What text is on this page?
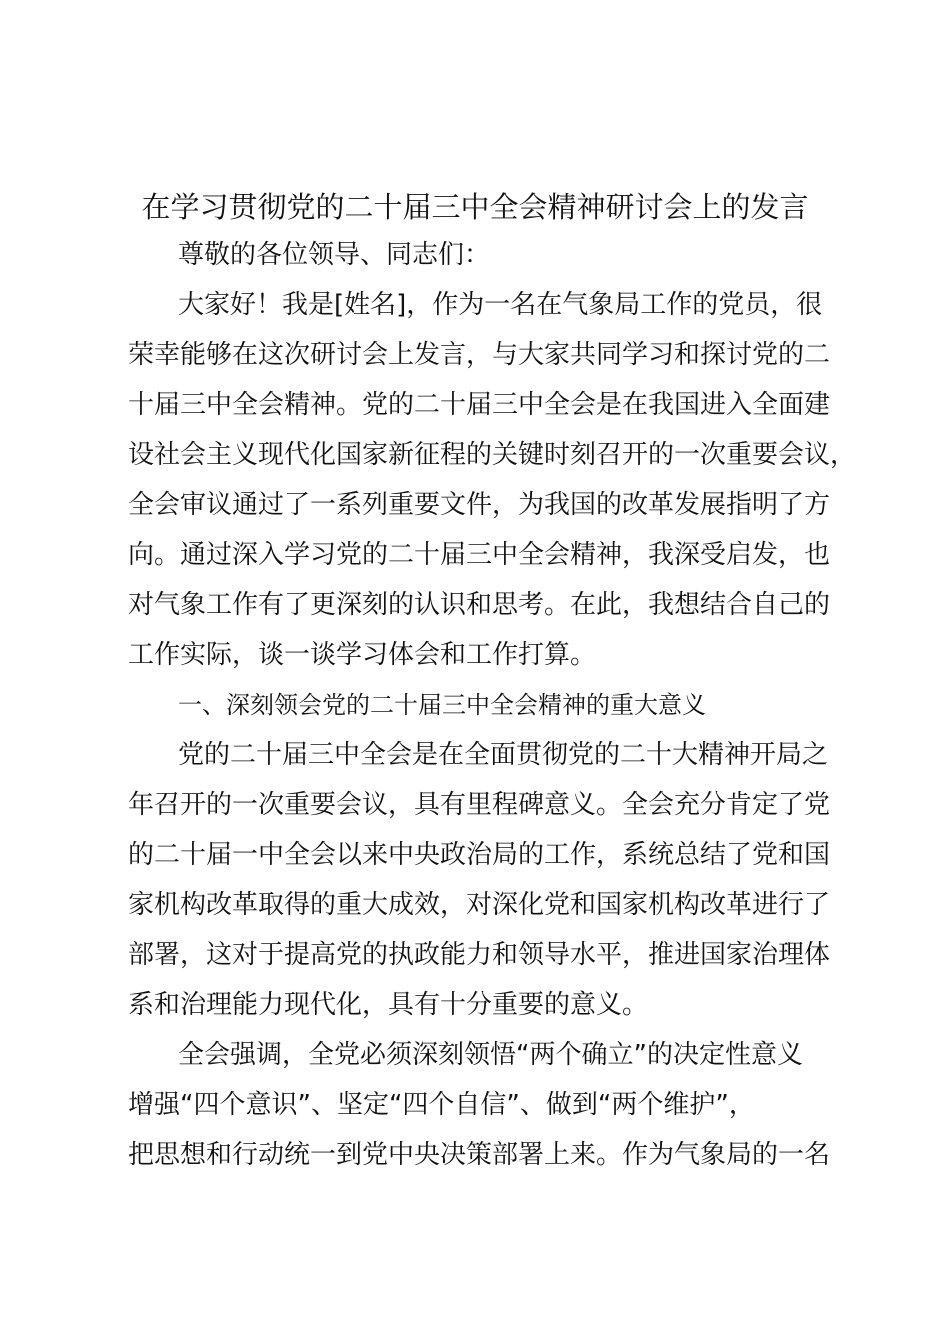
在学习贯彻党的二十届三中全会精神研讨会上的发言
尊敬的各位领导、同志们：
大家好！我是[姓名]，作为一名在气象局工作的党员，很
荣幸能够在这次研讨会上发言，与大家共同学习和探讨党的二
十届三中全会精神。党的二十届三中全会是在我国进入全面建
设社会主义现代化国家新征程的关键时刻召开的一次重要会议，
全会审议通过了一系列重要文件，为我国的改革发展指明了方
向。通过深入学习党的二十届三中全会精神，我深受启发，也
对气象工作有了更深刻的认识和思考。在此，我想结合自己的
工作实际，谈一谈学习体会和工作打算。
一、深刻领会党的二十届三中全会精神的重大意义
党的二十届三中全会是在全面贯彻党的二十大精神开局之
年召开的一次重要会议，具有里程碑意义。全会充分肯定了党
的二十届一中全会以来中央政治局的工作，系统总结了党和国
家机构改革取得的重大成效，对深化党和国家机构改革进行了
部署，这对于提高党的执政能力和领导水平，推进国家治理体
系和治理能力现代化，具有十分重要的意义。
全会强调，全党必须深刻领悟“两个确立”的决定性意义
增强“四个意识”、坚定“四个自信”、做到“两个维护”，
把思想和行动统一到党中央决策部署上来。作为气象局的一名
